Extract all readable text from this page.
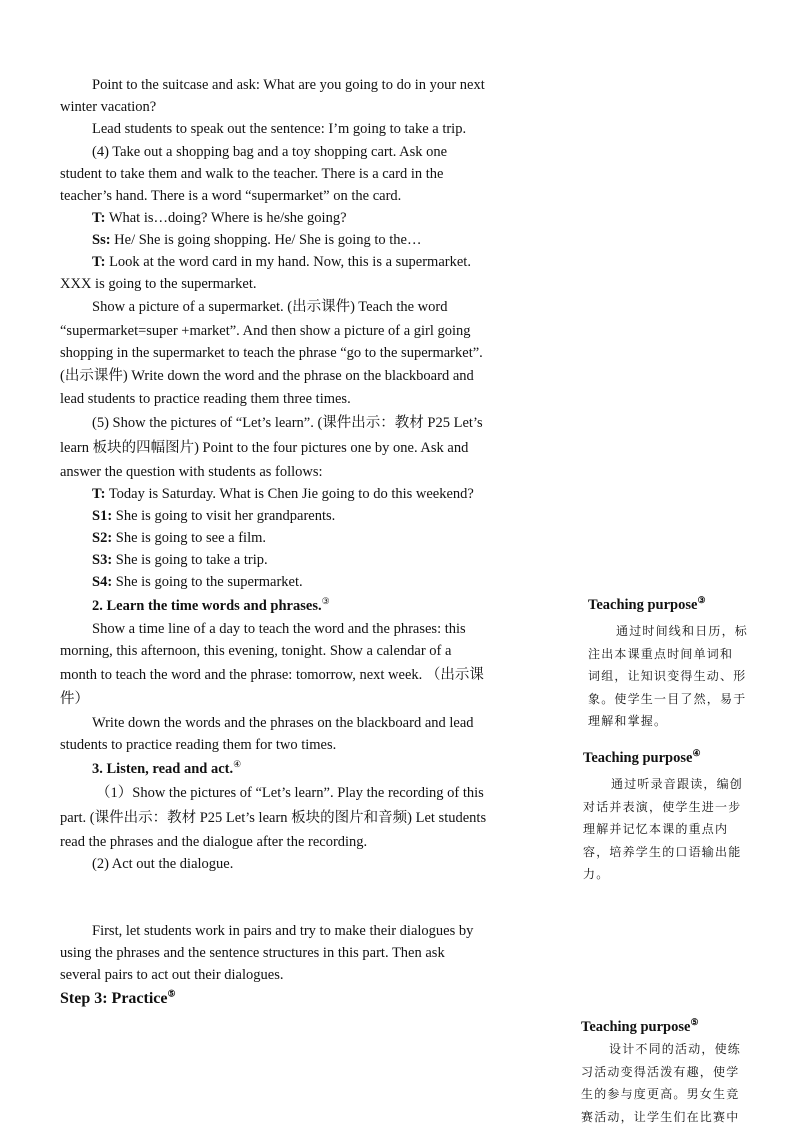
Point to the suitcase and ask: What are you going to do in your next
winter vacation?
Lead students to speak out the sentence: I’m going to take a trip.
(4) Take out a shopping bag and a toy shopping cart. Ask one
student to take them and walk to the teacher. There is a card in the
teacher’s hand. There is a word “supermarket” on the card.
T: What is…doing? Where is he/she going?
Ss: He/ She is going shopping. He/ She is going to the…
T: Look at the word card in my hand. Now, this is a supermarket.
XXX is going to the supermarket.
Show a picture of a supermarket. (出示课件) Teach the word
“supermarket=super +market”. And then show a picture of a girl going
shopping in the supermarket to teach the phrase “go to the supermarket”.
(出示课件) Write down the word and the phrase on the blackboard and
lead students to practice reading them three times.
(5) Show the pictures of “Let’s learn”. (课件出示：教材 P25 Let’s
learn 板块的四幅图片) Point to the four pictures one by one. Ask and
answer the question with students as follows:
T: Today is Saturday. What is Chen Jie going to do this weekend?
S1: She is going to visit her grandparents.
S2: She is going to see a film.
S3: She is going to take a trip.
S4: She is going to the supermarket.
2. Learn the time words and phrases.③
Show a time line of a day to teach the word and the phrases: this
morning, this afternoon, this evening, tonight. Show a calendar of a
month to teach the word and the phrase: tomorrow, next week. （出示课
件）
Write down the words and the phrases on the blackboard and lead
students to practice reading them for two times.
3. Listen, read and act.④
（1）Show the pictures of “Let’s learn”. Play the recording of this
part. (课件出示：教材 P25 Let’s learn 板块的图片和音频) Let students
read the phrases and the dialogue after the recording.
(2) Act out the dialogue.
First, let students work in pairs and try to make their dialogues by
using the phrases and the sentence structures in this part. Then ask
several pairs to act out their dialogues.
Step 3: Practice⑤
Teaching purpose③
通过时间线和日历，标
注出本课重点时间单词和
词组，让知识变得生动、形
象。使学生一目了然，易于
理解和掌握。
Teaching purpose④
通过听录音跟读，编创
对话并表演，使学生进一步
理解并记忆本课的重点内
容，培养学生的口语输出能
力。
Teaching purpose⑤
设计不同的活动，使练
习活动变得活泼有趣，使学
生的参与度更高。男女生竞
赛活动，让学生们在比赛中
